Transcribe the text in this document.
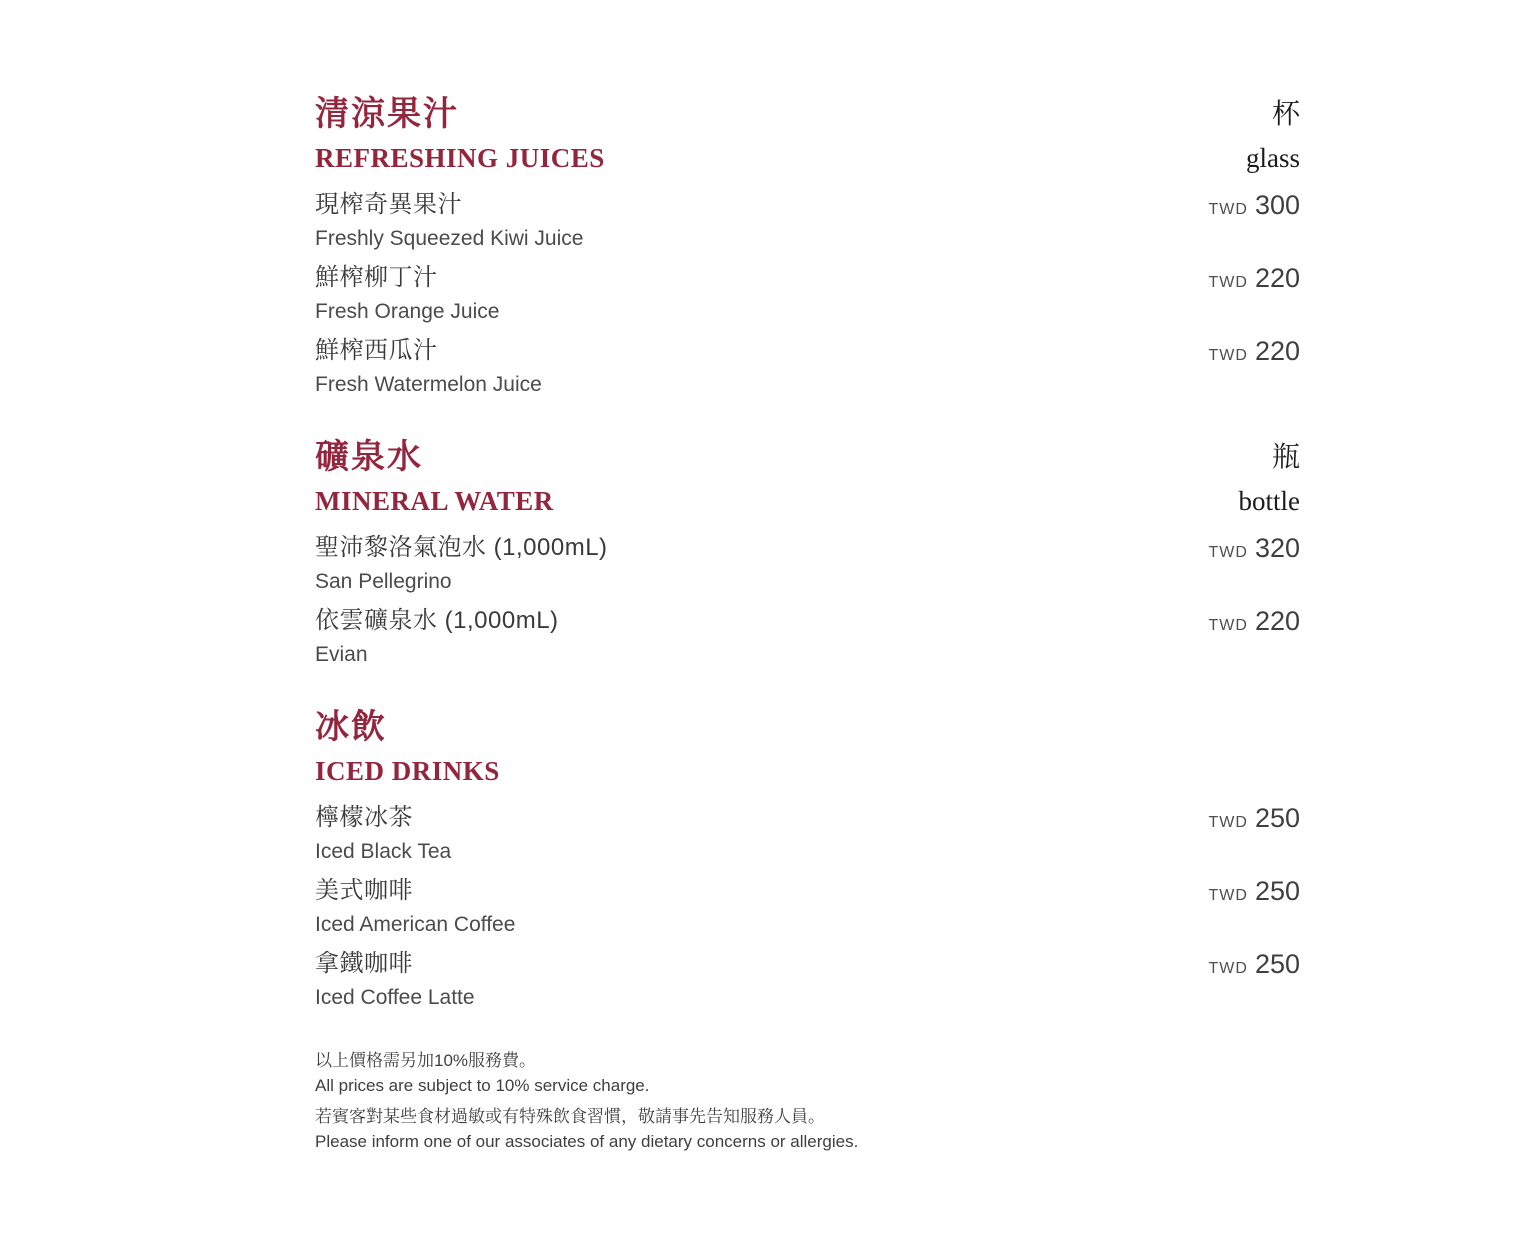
清涼果汁
REFRESHING JUICES
杯
glass
現榨奇異果汁
Freshly Squeezed Kiwi Juice
TWD 300
鮮榨柳丁汁
Fresh Orange Juice
TWD 220
鮮榨西瓜汁
Fresh Watermelon Juice
TWD 220
礦泉水
MINERAL WATER
瓶
bottle
聖沛黎洛氣泡水 (1,000mL)
San Pellegrino
TWD 320
依雲礦泉水 (1,000mL)
Evian
TWD 220
冰飲
ICED DRINKS
檸檬冰茶
Iced Black Tea
TWD 250
美式咖啡
Iced American Coffee
TWD 250
拿鐵咖啡
Iced Coffee Latte
TWD 250
以上價格需另加10%服務費。
All prices are subject to 10% service charge.
若賓客對某些食材過敏或有特殊飲食習慣，敬請事先告知服務人員。
Please inform one of our associates of any dietary concerns or allergies.
